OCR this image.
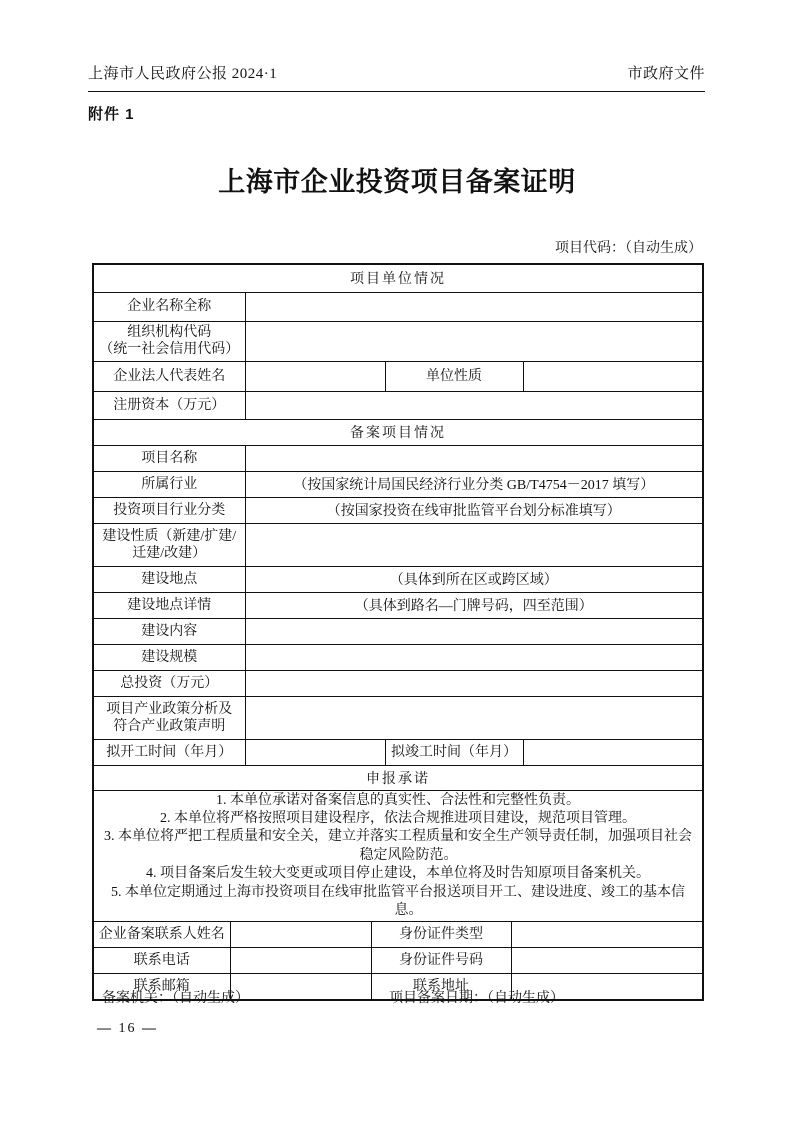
上海市人民政府公报 2024·1	市政府文件
附件 1
上海市企业投资项目备案证明
项目代码：（自动生成）
项目单位情况						
企业名称全称						

组织机构代码
（统一社会信用代码）						

企业法人代表姓名				单位性质		
注册资本（万元）						
备案项目情况						
项目名称						
所属行业		（按国家统计局国民经济行业分类 GB/T4754－2017 填写）				
投资项目行业分类		（按国家投资在线审批监管平台划分标准填写）				

建设性质（新建/扩建/
迁建/改建）						

建设地点		（具体到所在区或跨区域）				
建设地点详情		（具体到路名—门牌号码，四至范围）				
建设内容						
建设规模						
总投资（万元）						

项目产业政策分析及
符合产业政策声明						

拟开工时间（年月）				拟竣工时间（年月）		
申报承诺						

1. 本单位承诺对备案信息的真实性、合法性和完整性负责。
2. 本单位将严格按照项目建设程序，依法合规推进项目建设，规范项目管理。
3. 本单位将严把工程质量和安全关，建立并落实工程质量和安全生产领导责任制，加强项目社会稳定风险防范。
4. 项目备案后发生较大变更或项目停止建设，本单位将及时告知原项目备案机关。
5. 本单位定期通过上海市投资项目在线审批监管平台报送项目开工、建设进度、竣工的基本信息。						

企业备案联系人姓名			身份证件类型			
联系电话			身份证件号码			
联系邮箱			联系地址			
备案机关：（自动生成）	项目备案日期：（自动生成）
— 16 —
